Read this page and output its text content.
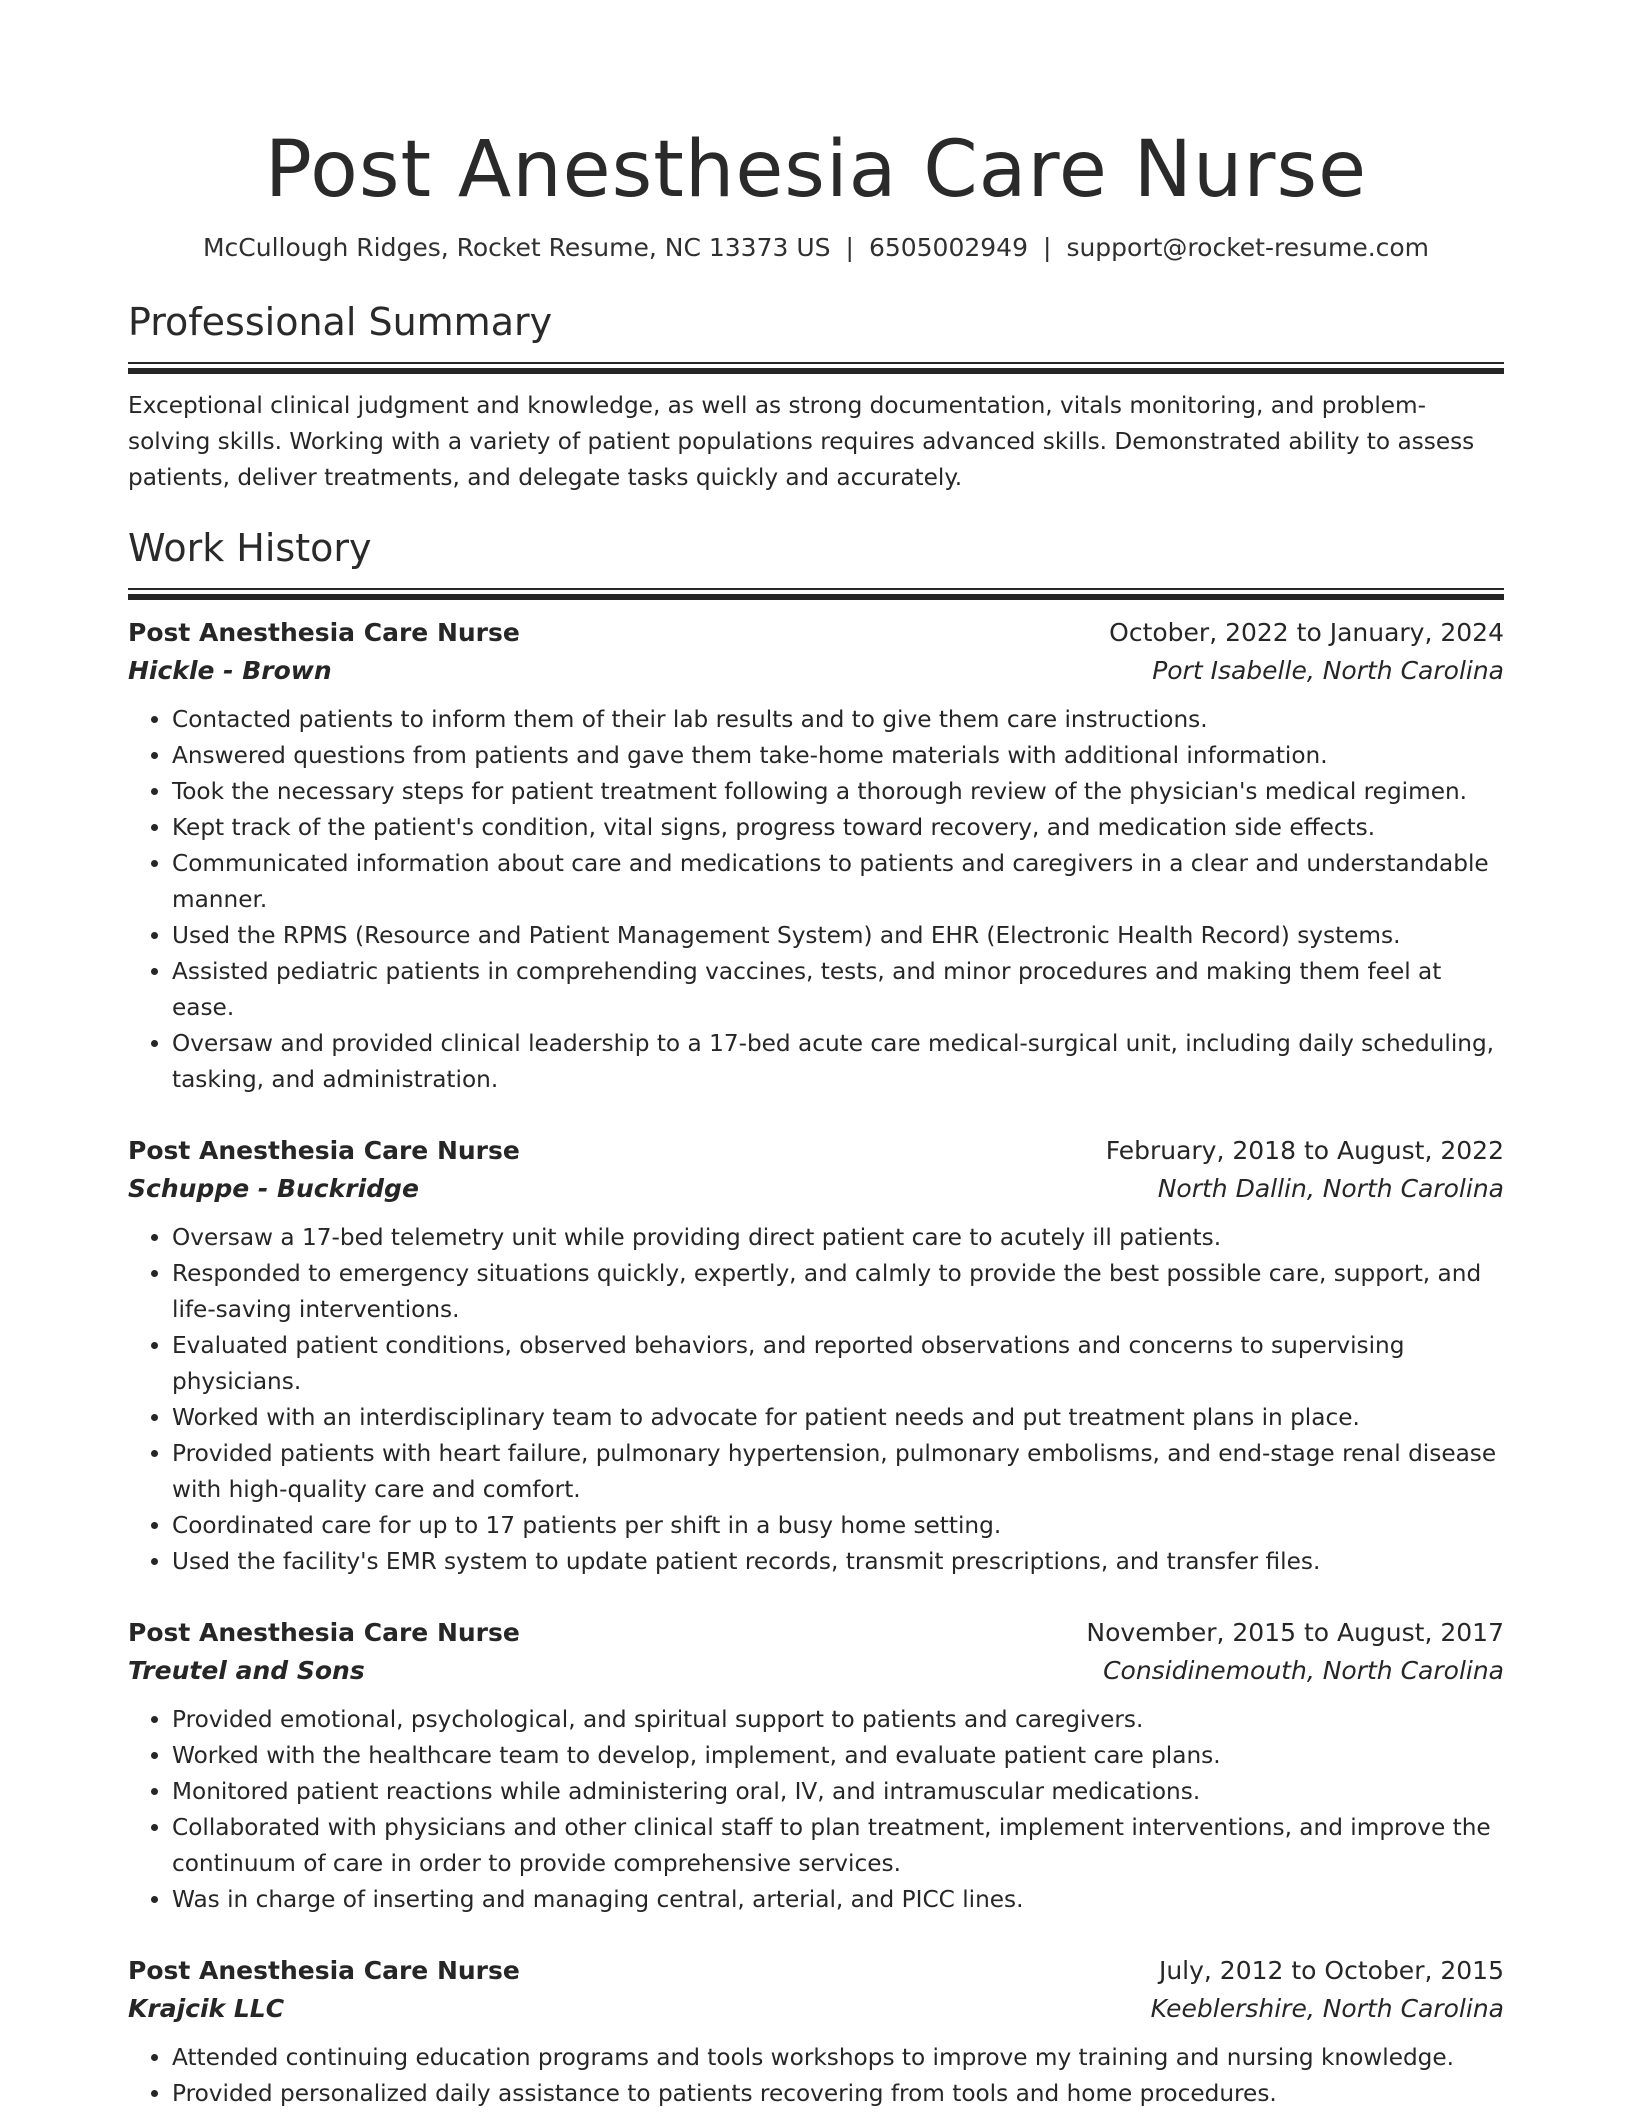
Post Anesthesia Care Nurse
McCullough Ridges, Rocket Resume, NC 13373 US | 6505002949 | support@rocket-resume.com
Professional Summary

Exceptional clinical judgment and knowledge, as well as strong documentation, vitals monitoring, and problem-solving skills. Working with a variety of patient populations requires advanced skills. Demonstrated ability to assess patients, deliver treatments, and delegate tasks quickly and accurately.

Work History
Post Anesthesia Care Nurse	October, 2022 to January, 2024
Hickle - Brown	Port Isabelle, North Carolina
• Contacted patients to inform them of their lab results and to give them care instructions.
• Answered questions from patients and gave them take-home materials with additional information.
• Took the necessary steps for patient treatment following a thorough review of the physician's medical regimen.
• Kept track of the patient's condition, vital signs, progress toward recovery, and medication side effects.
• Communicated information about care and medications to patients and caregivers in a clear and understandable manner.
• Used the RPMS (Resource and Patient Management System) and EHR (Electronic Health Record) systems.
• Assisted pediatric patients in comprehending vaccines, tests, and minor procedures and making them feel at ease.
• Oversaw and provided clinical leadership to a 17-bed acute care medical-surgical unit, including daily scheduling, tasking, and administration.
Post Anesthesia Care Nurse	February, 2018 to August, 2022
Schuppe - Buckridge	North Dallin, North Carolina
• Oversaw a 17-bed telemetry unit while providing direct patient care to acutely ill patients.
• Responded to emergency situations quickly, expertly, and calmly to provide the best possible care, support, and life-saving interventions.
• Evaluated patient conditions, observed behaviors, and reported observations and concerns to supervising physicians.
• Worked with an interdisciplinary team to advocate for patient needs and put treatment plans in place.
• Provided patients with heart failure, pulmonary hypertension, pulmonary embolisms, and end-stage renal disease with high-quality care and comfort.
• Coordinated care for up to 17 patients per shift in a busy home setting.
• Used the facility's EMR system to update patient records, transmit prescriptions, and transfer files.
Post Anesthesia Care Nurse	November, 2015 to August, 2017
Treutel and Sons	Considinemouth, North Carolina
• Provided emotional, psychological, and spiritual support to patients and caregivers.
• Worked with the healthcare team to develop, implement, and evaluate patient care plans.
• Monitored patient reactions while administering oral, IV, and intramuscular medications.
• Collaborated with physicians and other clinical staff to plan treatment, implement interventions, and improve the continuum of care in order to provide comprehensive services.
• Was in charge of inserting and managing central, arterial, and PICC lines.
Post Anesthesia Care Nurse	July, 2012 to October, 2015
Krajcik LLC	Keeblershire, North Carolina
• Attended continuing education programs and tools workshops to improve my training and nursing knowledge.
• Provided personalized daily assistance to patients recovering from tools and home procedures.
